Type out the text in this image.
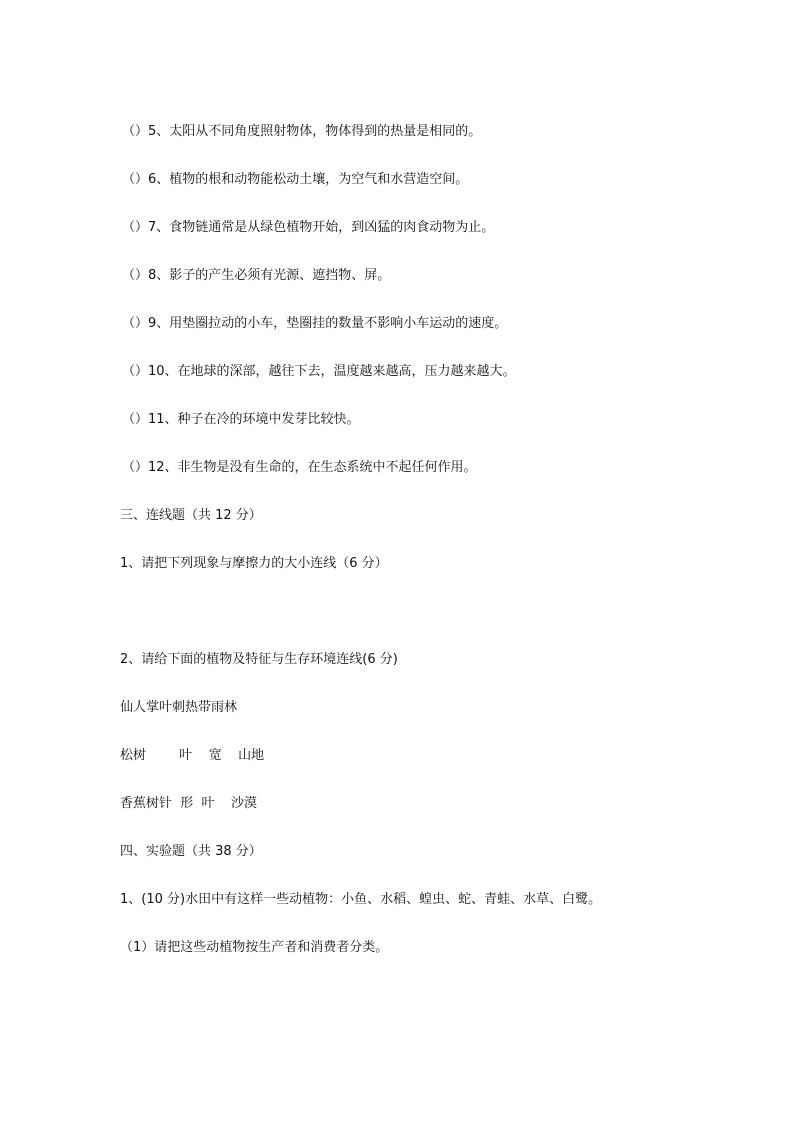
（）5、太阳从不同角度照射物体，物体得到的热量是相同的。
（）6、植物的根和动物能松动土壤，为空气和水营造空间。
（）7、食物链通常是从绿色植物开始，到凶猛的肉食动物为止。
（）8、影子的产生必须有光源、遮挡物、屏。
（）9、用垫圈拉动的小车，垫圈挂的数量不影响小车运动的速度。
（）10、在地球的深部，越往下去，温度越来越高，压力越来越大。
（）11、种子在冷的环境中发芽比较快。
（）12、非生物是没有生命的，在生态系统中不起任何作用。
三、连线题（共 12 分）
1、请把下列现象与摩擦力的大小连线（6 分）
2、请给下面的植物及特征与生存环境连线(6 分)
仙人掌叶刺热带雨林
松树        叶    宽    山地
香蕉树针  形  叶    沙漠
四、实验题（共 38 分）
1、(10 分)水田中有这样一些动植物：小鱼、水稻、蝗虫、蛇、青蛙、水草、白鹭。
（1）请把这些动植物按生产者和消费者分类。
